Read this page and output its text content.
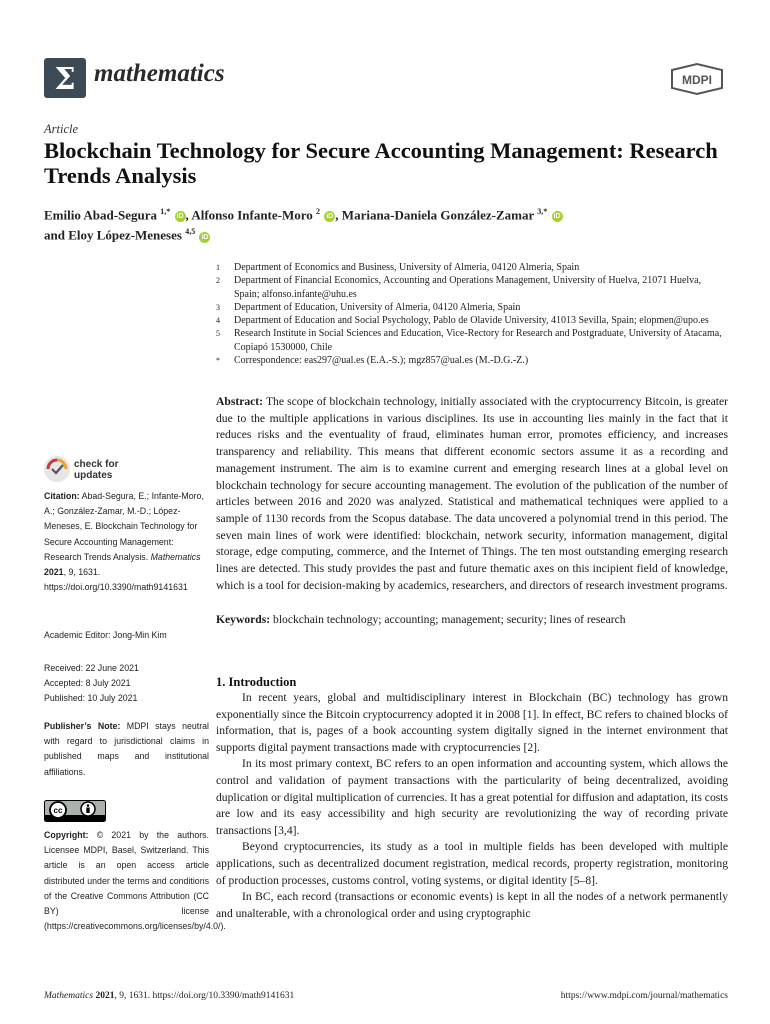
Σ mathematics	MDPI
Article
Blockchain Technology for Secure Accounting Management: Research Trends Analysis
Emilio Abad-Segura $^{1,*}$ iD , Alfonso Infante-Moro $^2$ iD , Mariana-Daniela González-Zamar $^{3,*}$ iD
and Eloy López-Meneses $^{4,5}$ iD
1	Department of Economics and Business, University of Almeria, 04120 Almeria, Spain
2	Department of Financial Economics, Accounting and Operations Management, University of Huelva, 21071 Huelva, Spain; alfonso.infante@uhu.es
3	Department of Education, University of Almeria, 04120 Almeria, Spain
4	Department of Education and Social Psychology, Pablo de Olavide University, 41013 Sevilla, Spain; elopmen@upo.es
5	Research Institute in Social Sciences and Education, Vice-Rectory for Research and Postgraduate, University of Atacama, Copiapó 1530000, Chile
*	Correspondence: eas297@ual.es (E.A.-S.); mgz857@ual.es (M.-D.G.-Z.)
Abstract: The scope of blockchain technology, initially associated with the cryptocurrency Bitcoin, is greater due to the multiple applications in various disciplines. Its use in accounting lies mainly in the fact that it reduces risks and the eventuality of fraud, eliminates human error, promotes efficiency, and increases transparency and reliability. This means that different economic sectors assume it as a recording and management instrument. The aim is to examine current and emerging research lines at a global level on blockchain technology for secure accounting management. The evolution of the publication of the number of articles between 2016 and 2020 was analyzed. Statistical and mathematical techniques were applied to a sample of 1130 records from the Scopus database. The data uncovered a polynomial trend in this period. The seven main lines of work were identified: blockchain, network security, information management, digital storage, edge computing, commerce, and the Internet of Things. The ten most outstanding emerging research lines are detected. This study provides the past and future thematic axes on this incipient field of knowledge, which is a tool for decision-making by academics, researchers, and directors of research investment programs.
Keywords: blockchain technology; accounting; management; security; lines of research
check for
updates
Citation: Abad-Segura, E.; Infante-Moro, A.; González-Zamar, M.-D.; López-Meneses, E. Blockchain Technology for Secure Accounting Management: Research Trends Analysis. Mathematics 2021, 9, 1631. https://doi.org/10.3390/math9141631
Academic Editor: Jong-Min Kim
Received: 22 June 2021
Accepted: 8 July 2021
Published: 10 July 2021
Publisher’s Note: MDPI stays neutral with regard to jurisdictional claims in published maps and institutional affiliations.
cc
Copyright: © 2021 by the authors. Licensee MDPI, Basel, Switzerland. This article is an open access article distributed under the terms and conditions of the Creative Commons Attribution (CC BY) license (https://creativecommons.org/licenses/by/4.0/).
1. Introduction

In recent years, global and multidisciplinary interest in Blockchain (BC) technology has grown exponentially since the Bitcoin cryptocurrency adopted it in 2008 [1]. In effect, BC refers to chained blocks of information, that is, pages of a book accounting system digitally signed in the internet environment that supports digital payment transactions made with cryptocurrencies [2].

In its most primary context, BC refers to an open information and accounting system, which allows the control and validation of payment transactions with the particularity of being decentralized, avoiding duplication or digital multiplication of currencies. It has a great potential for diffusion and adaptation, its costs are low and its easy accessibility and high security are revolutionizing the way of recording private transactions [3,4].

Beyond cryptocurrencies, its study as a tool in multiple fields has been developed with multiple applications, such as decentralized document registration, medical records, property registration, monitoring of production processes, customs control, voting systems, or digital identity [5–8].

In BC, each record (transactions or economic events) is kept in all the nodes of a network permanently and unalterable, with a chronological order and using cryptographic

Mathematics 2021, 9, 1631. https://doi.org/10.3390/math9141631	https://www.mdpi.com/journal/mathematics
